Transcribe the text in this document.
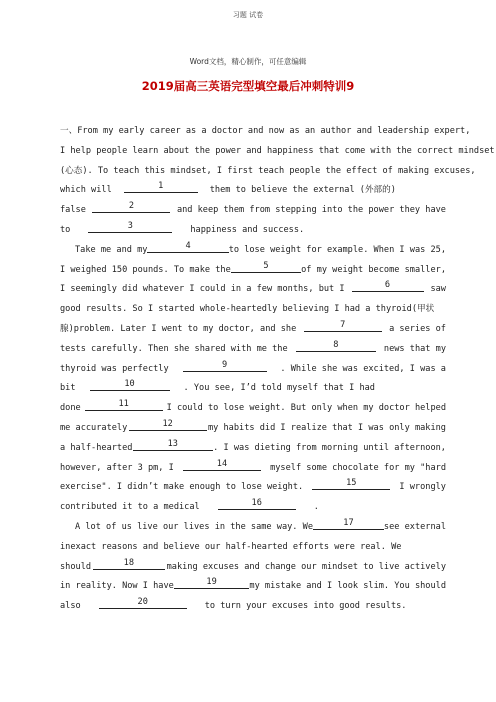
习题 试卷
Word文档，精心制作，可任意编辑
2019届高三英语完型填空最后冲刺特训9
一、From my early career as a doctor and now as an author and leadership expert,
I help people learn about the power and happiness that come with the correct mindset
(心态). To teach this mindset, I first teach people the effect of making excuses,
which will	1	them to believe the external (外部的)
false	2	and keep them from stepping into the power they have
to	3	happiness and success.
Take me and my	4	to lose weight for example. When I was 25,
I weighed 150 pounds. To make the	5	of my weight become smaller,
I seemingly did whatever I could in a few months, but I	6	saw
good results. So I started whole-heartedly believing I had a thyroid(甲状
腺)problem. Later I went to my doctor, and she	7	a series of
tests carefully. Then she shared with me the	8	news that my
thyroid was perfectly	9	. While she was excited, I was a
bit	10	. You see, I’d told myself that I had
done	11	I could to lose weight. But only when my doctor helped
me accurately	12	my habits did I realize that I was only making
a half-hearted	13	. I was dieting from morning until afternoon,
however, after 3 pm, I	14	myself some chocolate for my "hard
exercise". I didn’t make enough to lose weight.	15	I wrongly
contributed it to a medical	16	.
A lot of us live our lives in the same way. We	17	see external
inexact reasons and believe our half-hearted efforts were real. We
should	18	making excuses and change our mindset to live actively
in reality. Now I have	19	my mistake and I look slim. You should
also	20	to turn your excuses into good results.
